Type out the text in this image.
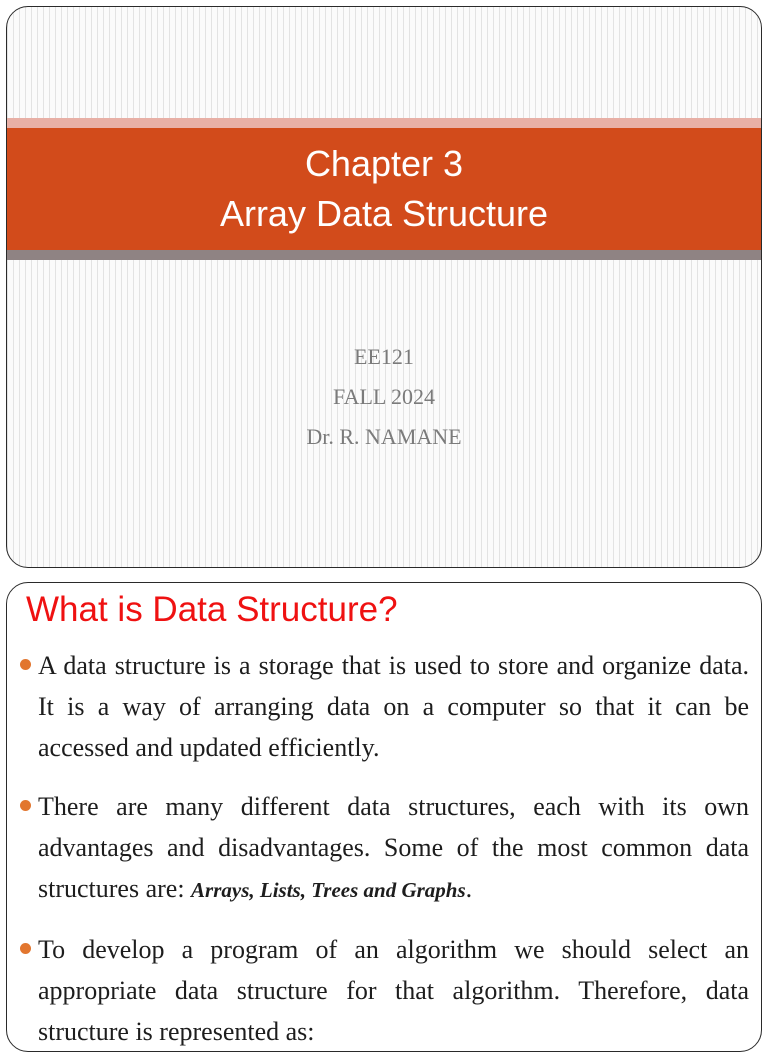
Chapter 3
Array Data Structure
EE121
FALL 2024
Dr. R. NAMANE
What is Data Structure?
A data structure is a storage that is used to store and organize data. It is a way of arranging data on a computer so that it can be accessed and updated efficiently.
There are many different data structures, each with its own advantages and disadvantages. Some of the most common data structures are: Arrays, Lists, Trees and Graphs.
To develop a program of an algorithm we should select an appropriate data structure for that algorithm. Therefore, data structure is represented as:
